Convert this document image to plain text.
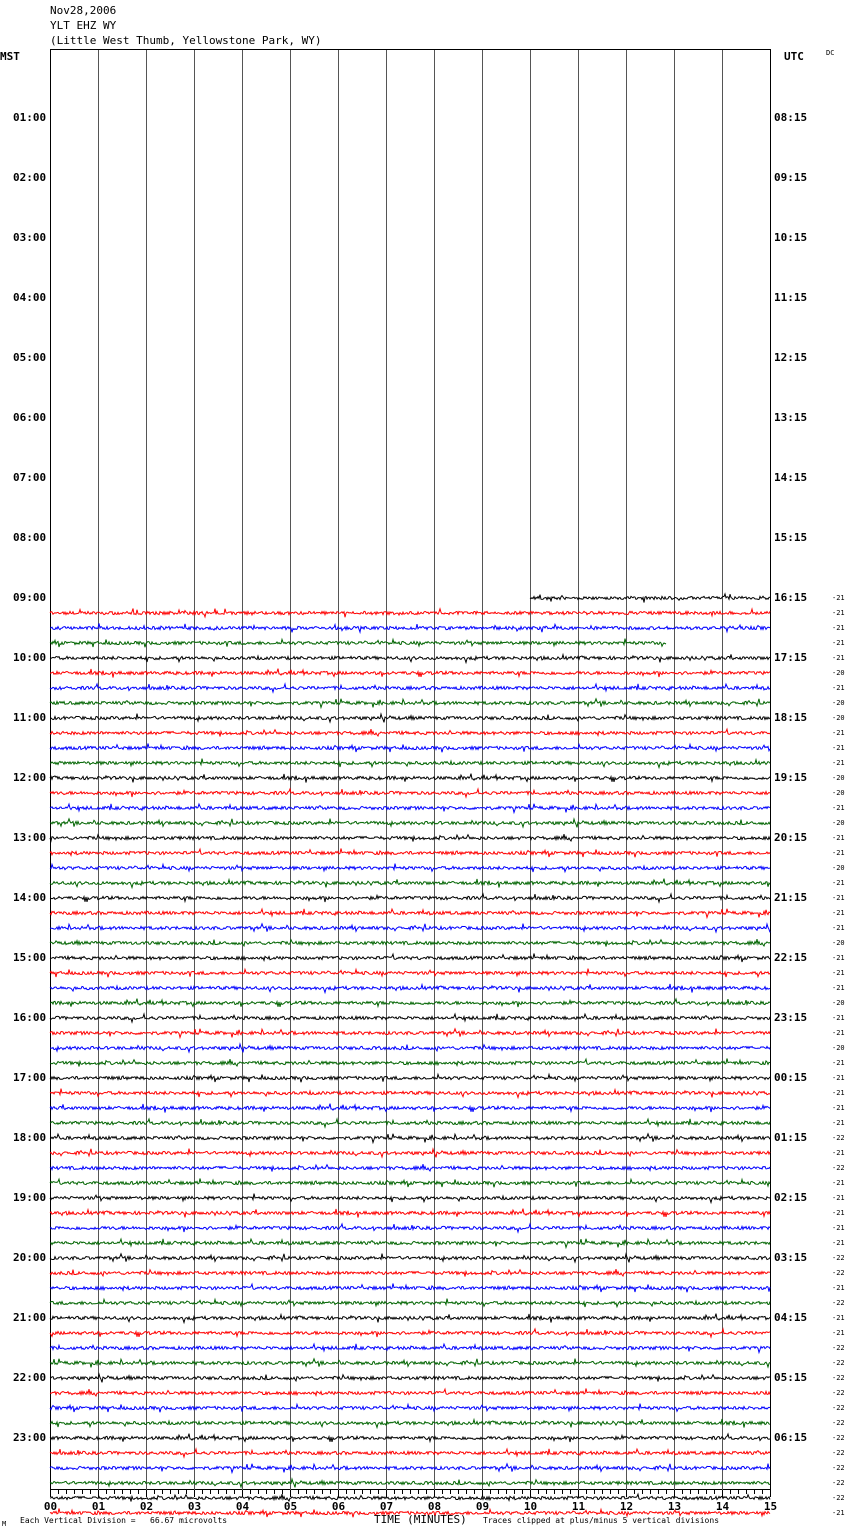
Nov28,2006
YLT EHZ WY
(Little West Thumb, Yellowstone Park, WY)
MST	UTC	DC
00	01	02	03	04	05	06	07	08	09	10	11	12	13	14	15
01:00	08:15
02:00	09:15
03:00	10:15
04:00	11:15
05:00	12:15
06:00	13:15
07:00	14:15
08:00	15:15
09:00	16:15
10:00	17:15
11:00	18:15
12:00	19:15
13:00	20:15
14:00	21:15
15:00	22:15
16:00	23:15
17:00	00:15
18:00	01:15
19:00	02:15
20:00	03:15
21:00	04:15
22:00	05:15
23:00	06:15
-21
-21
-21
-21
-21
-20
-21
-20
-20
-21
-21
-21
-20
-20
-21
-20
-21
-21
-20
-21
-21
-21
-21
-20
-21
-21
-21
-20
-21
-21
-20
-21
-21
-21
-21
-21
-22
-21
-22
-21
-21
-21
-21
-21
-22
-22
-21
-22
-21
-21
-22
-22
-22
-22
-22
-22
-22
-22
-22
-22
-22
-21
M Each Vertical Division =   66.67 microvolts	TIME (MINUTES) Traces clipped at plus/minus 5 vertical divisions
